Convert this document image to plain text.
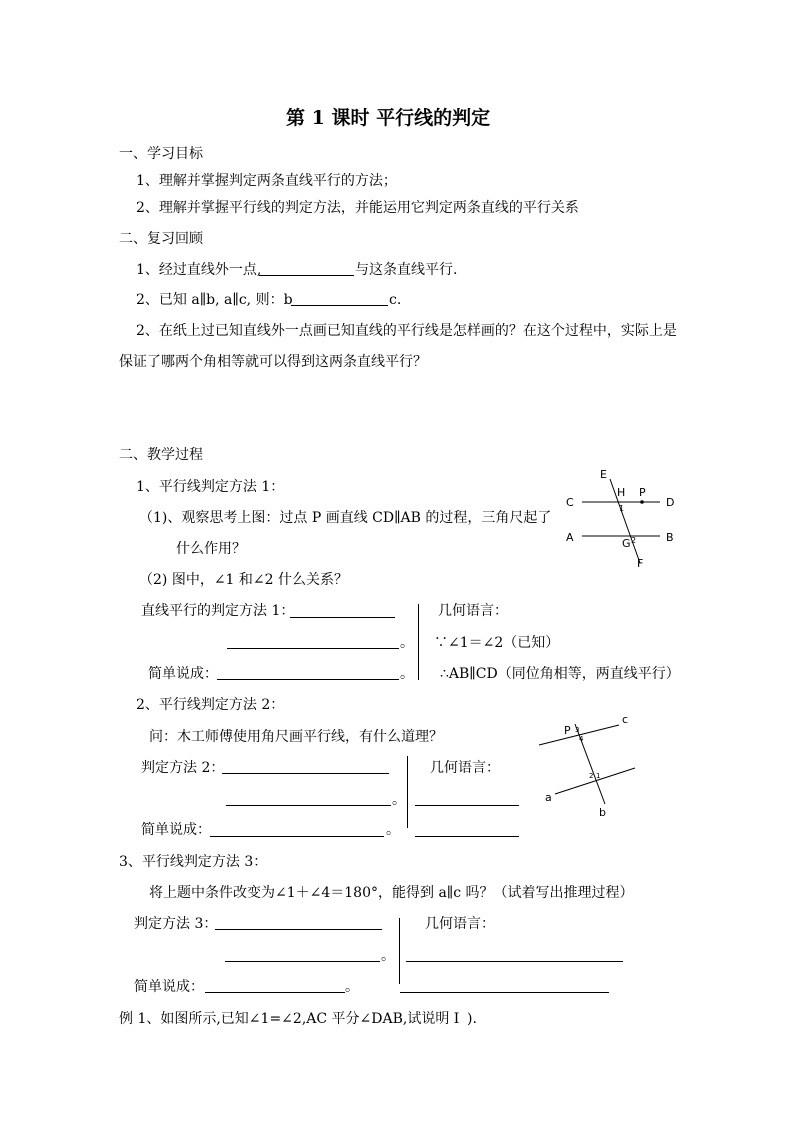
第 1 课时 平行线的判定
一、学习目标
1、理解并掌握判定两条直线平行的方法；
2、理解并掌握平行线的判定方法，并能运用它判定两条直线的平行关系
二、复习回顾
1、经过直线外一点,	与这条直线平行.
2、已知 a∥b, a∥c, 则：b	c.
2、在纸上过已知直线外一点画已知直线的平行线是怎样画的？在这个过程中，实际上是
保证了哪两个角相等就可以得到这两条直线平行？
二、教学过程
1、平行线判定方法 1：
（1)、观察思考上图：过点 P 画直线 CD∥AB 的过程，三角尺起了
什么作用？
（2) 图中，∠1 和∠2 什么关系？
直线平行的判定方法 1：
。
简单说成：	。
几何语言：
∵∠1＝∠2（已知）
∴AB∥CD（同位角相等，两直线平行）
2、平行线判定方法 2：
问：木工师傅使用角尺画平行线，有什么道理？
判定方法 2：
。
几何语言：
简单说成：	。
3、平行线判定方法 3：
将上题中条件改变为∠1＋∠4＝180°，能得到 a∥c 吗？（试着写出推理过程）
判定方法 3：
。
几何语言：
简单说成：	。
例 1、如图所示,已知∠1=∠2,AC 平分∠DAB,试说明 I ).
E
C
H P
D
A	G	B
F
1
2
c
P 3
4
2 1
a
b
